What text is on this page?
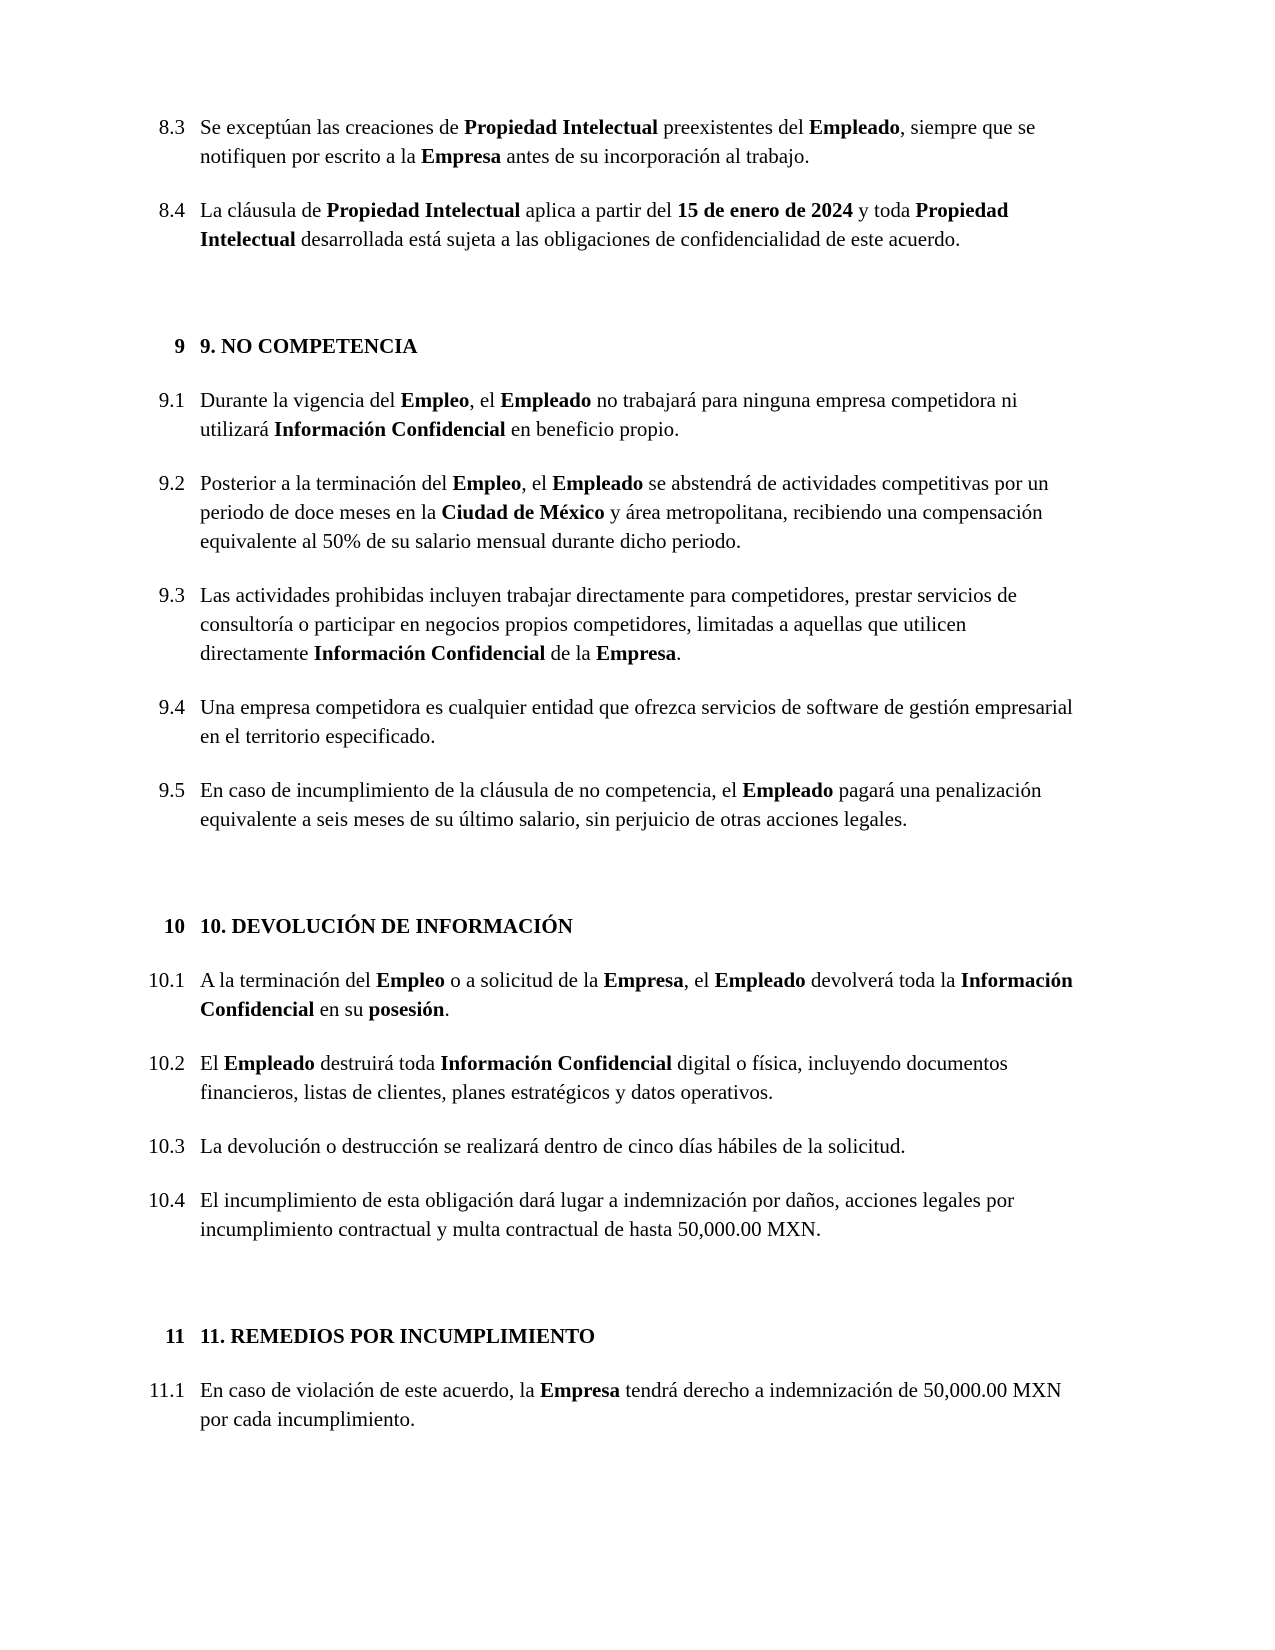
8.3 Se exceptúan las creaciones de Propiedad Intelectual preexistentes del Empleado, siempre que se notifiquen por escrito a la Empresa antes de su incorporación al trabajo.
8.4 La cláusula de Propiedad Intelectual aplica a partir del 15 de enero de 2024 y toda Propiedad Intelectual desarrollada está sujeta a las obligaciones de confidencialidad de este acuerdo.
9 9. NO COMPETENCIA
9.1 Durante la vigencia del Empleo, el Empleado no trabajará para ninguna empresa competidora ni utilizará Información Confidencial en beneficio propio.
9.2 Posterior a la terminación del Empleo, el Empleado se abstendrá de actividades competitivas por un periodo de doce meses en la Ciudad de México y área metropolitana, recibiendo una compensación equivalente al 50% de su salario mensual durante dicho periodo.
9.3 Las actividades prohibidas incluyen trabajar directamente para competidores, prestar servicios de consultoría o participar en negocios propios competidores, limitadas a aquellas que utilicen directamente Información Confidencial de la Empresa.
9.4 Una empresa competidora es cualquier entidad que ofrezca servicios de software de gestión empresarial en el territorio especificado.
9.5 En caso de incumplimiento de la cláusula de no competencia, el Empleado pagará una penalización equivalente a seis meses de su último salario, sin perjuicio de otras acciones legales.
10 10. DEVOLUCIÓN DE INFORMACIÓN
10.1 A la terminación del Empleo o a solicitud de la Empresa, el Empleado devolverá toda la Información Confidencial en su posesión.
10.2 El Empleado destruirá toda Información Confidencial digital o física, incluyendo documentos financieros, listas de clientes, planes estratégicos y datos operativos.
10.3 La devolución o destrucción se realizará dentro de cinco días hábiles de la solicitud.
10.4 El incumplimiento de esta obligación dará lugar a indemnización por daños, acciones legales por incumplimiento contractual y multa contractual de hasta 50,000.00 MXN.
11 11. REMEDIOS POR INCUMPLIMIENTO
11.1 En caso de violación de este acuerdo, la Empresa tendrá derecho a indemnización de 50,000.00 MXN por cada incumplimiento.
